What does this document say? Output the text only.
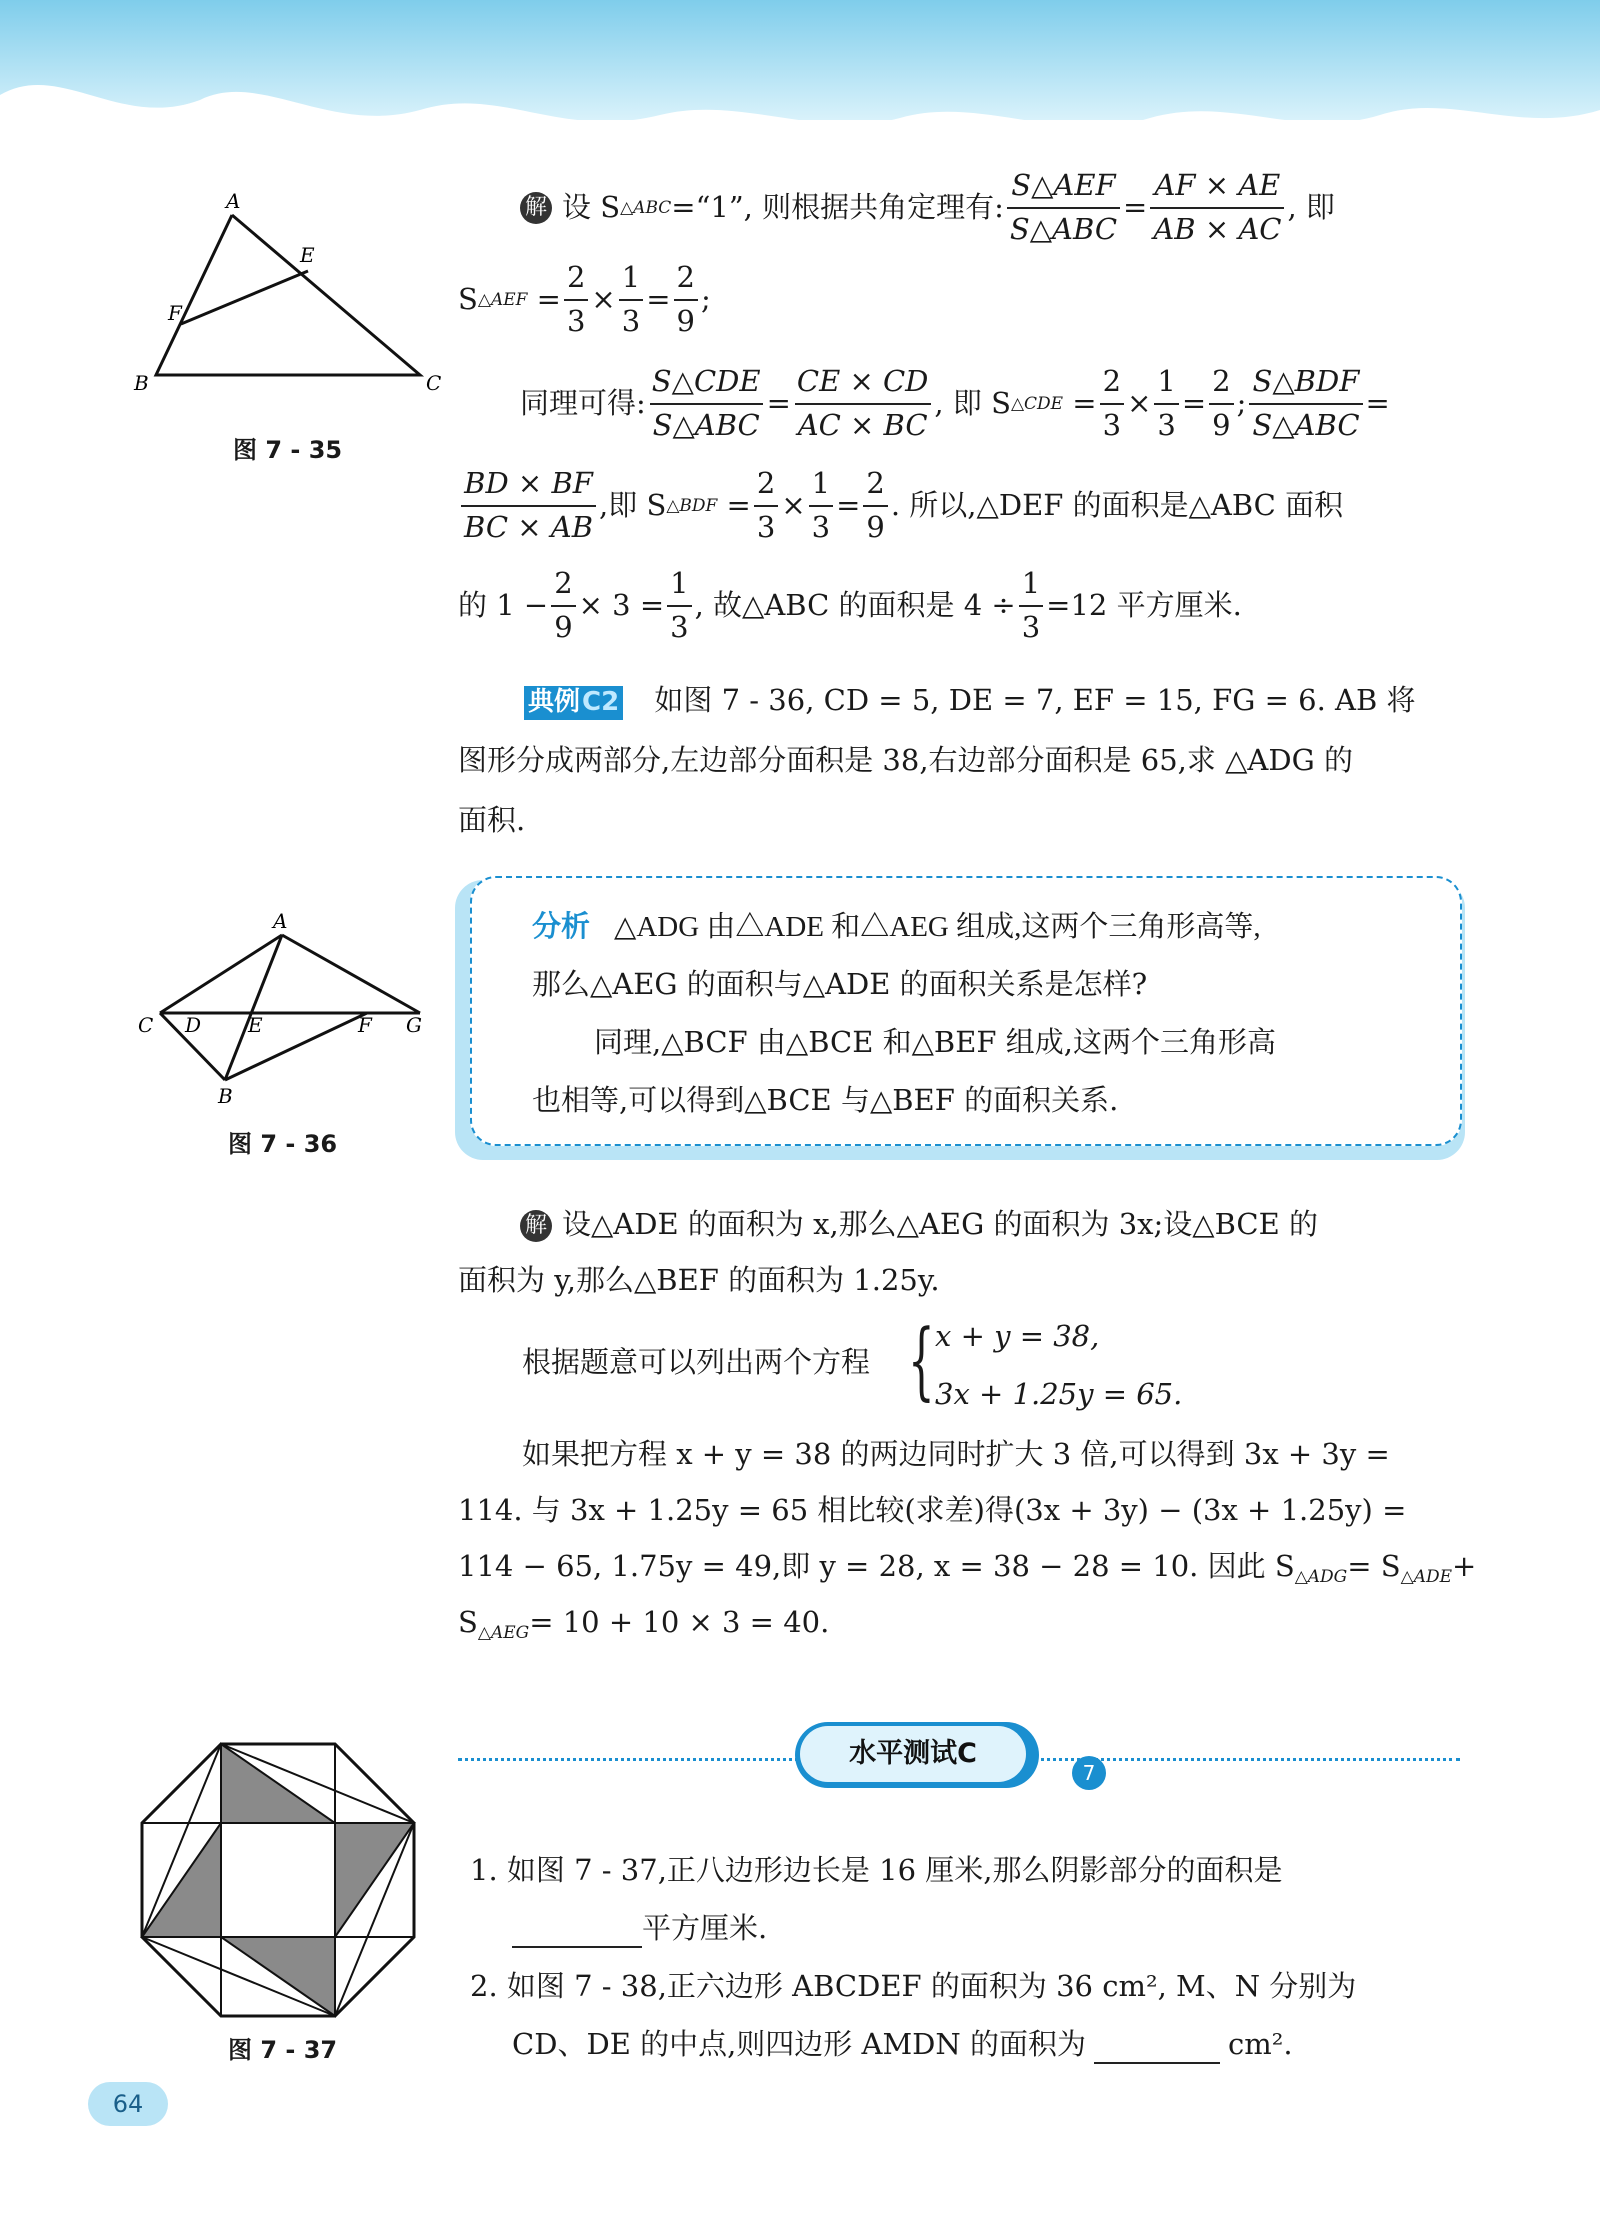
A
B	C
E
F
图 7 - 35
解 设 S △ABC =“1”, 则根据共角定理有: $\frac{\text{S△AEF}}{\text{S△ABC}} = \frac{AF \times AE}{AB \times AC}$ , 即
S △AEF = $\frac{2}{3} \times \frac{1}{3} = \frac{2}{9}$ ;
同理可得: $\frac{\text{S△CDE}}{\text{S△ABC}} = \frac{CE \times CD}{AC \times BC}$ , 即 S △CDE = $\frac{2}{3} \times \frac{1}{3} = \frac{2}{9}$ ; $\frac{\text{S△BDF}}{\text{S△ABC}}$ =
$\frac{BD \times BF}{BC \times AB}$ ,即 S △BDF = $\frac{2}{3} \times \frac{1}{3} = \frac{2}{9}$ . 所以,△DEF 的面积是△ABC 面积
的 $1 - \frac{2}{9} \times 3 = \frac{1}{3}$ , 故△ABC 的面积是 $4 \div \frac{1}{3} =12$ 平方厘米.
典例C2 如图 7 - 36, CD = 5, DE = 7, EF = 15, FG = 6. AB 将
图形分成两部分,左边部分面积是 38,右边部分面积是 65,求 △ADG 的
面积.
A
B
C D E	F G
图 7 - 36
分析 △ADG 由△ADE 和△AEG 组成,这两个三角形高等,
那么△AEG 的面积与△ADE 的面积关系是怎样?
同理,△BCF 由△BCE 和△BEF 组成,这两个三角形高
也相等,可以得到△BCE 与△BEF 的面积关系.
解 设△ADE 的面积为 x,那么△AEG 的面积为 3x;设△BCE 的
面积为 y,那么△BEF 的面积为 1.25y.
根据题意可以列出两个方程 { x + y = 38,
3x + 1.25y = 65.
如果把方程 x + y = 38 的两边同时扩大 3 倍,可以得到 3x + 3y =
114. 与 3x + 1.25y = 65 相比较(求差)得(3x + 3y) − (3x + 1.25y) =
114 − 65, 1.75y = 49,即 y = 28, x = 38 − 28 = 10. 因此 $S_{\triangle ADG}= S_{\triangle ADE}+$
$S_{\triangle AEG}= 10 + 10 \times 3 = 40$.
水平测试C
7
图 7 - 37
1. 如图 7 - 37,正八边形边长是 16 厘米,那么阴影部分的面积是
平方厘米.
2. 如图 7 - 38,正六边形 ABCDEF 的面积为 36 cm², M、N 分别为
CD、DE 的中点,则四边形 AMDN 的面积为	cm².
64
